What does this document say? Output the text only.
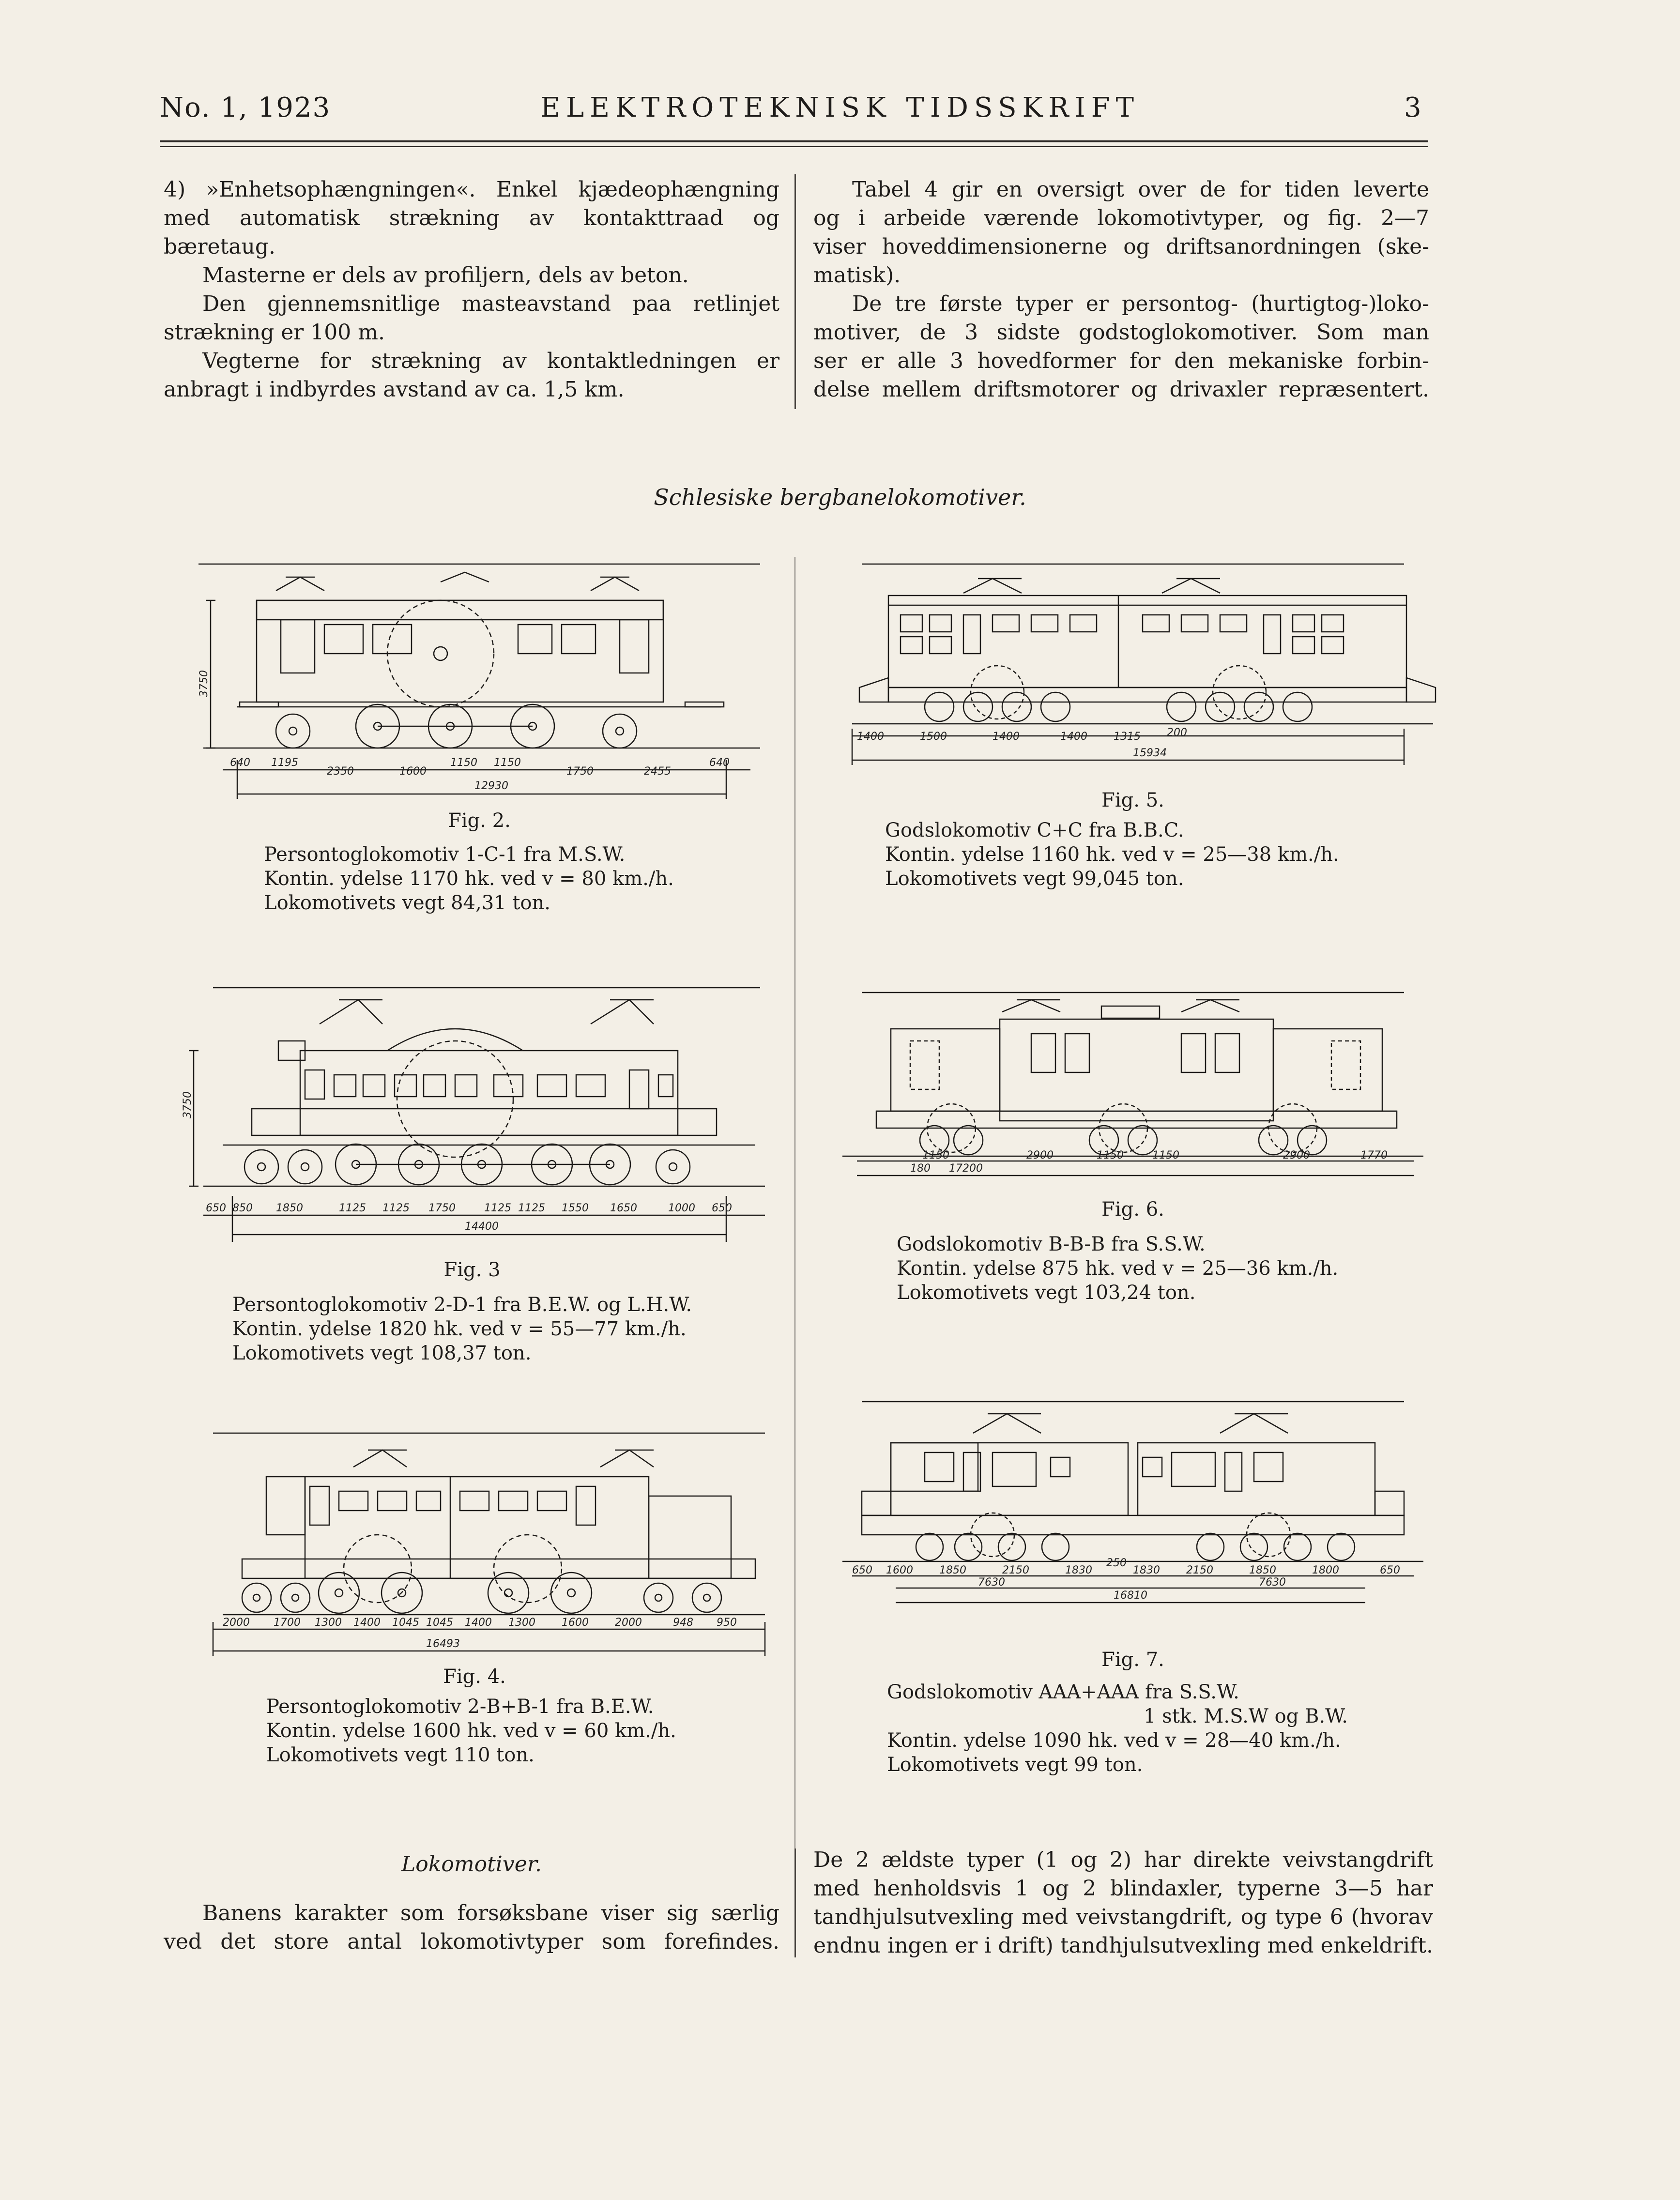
No. 1, 1923	ELEKTROTEKNISK TIDSSKRIFT	3
4) »Enhetsophængningen«. Enkel kjædeophængning
med automatisk strækning av kontakttraad og
bæretaug.
Masterne er dels av profiljern, dels av beton.
Den gjennemsnitlige masteavstand paa retlinjet
strækning er 100 m.
Vegterne for strækning av kontaktledningen er
anbragt i indbyrdes avstand av ca. 1,5 km.
Tabel 4 gir en oversigt over de for tiden leverte
og i arbeide værende lokomotivtyper, og fig. 2—7
viser hoveddimensionerne og driftsanordningen (ske-
matisk).
De tre første typer er persontog- (hurtigtog-)loko-
motiver, de 3 sidste godstoglokomotiver. Som man
ser er alle 3 hovedformer for den mekaniske forbin-
delse mellem driftsmotorer og drivaxler repræsentert.
Schlesiske bergbanelokomotiver.
3750
640 1195
2350	1600
1150 1150
1750	2455
640
12930
Fig. 2.
Persontoglokomotiv 1-C-1 fra M.S.W.
Kontin. ydelse 1170 hk. ved v = 80 km./h.
Lokomotivets vegt 84,31 ton.
3750
650 850 1850	1125 1125 1750	1125 1125 1550 1650	1000 650
14400
Fig. 3
Persontoglokomotiv 2-D-1 fra B.E.W. og L.H.W.
Kontin. ydelse 1820 hk. ved v = 55—77 km./h.
Lokomotivets vegt 108,37 ton.
2000 1700 1300 1400 1045 1045 1400 1300 1600 2000	948 950
16493
Fig. 4.
Persontoglokomotiv 2-B+B-1 fra B.E.W.
Kontin. ydelse 1600 hk. ved v = 60 km./h.
Lokomotivets vegt 110 ton.
1400	1500	1400	1400 1315 200
15934
Fig. 5.
Godslokomotiv C+C fra B.B.C.
Kontin. ydelse 1160 hk. ved v = 25—38 km./h.
Lokomotivets vegt 99,045 ton.
1150	2900	1150	1150	2900	1770
180 17200
Fig. 6.
Godslokomotiv B-B-B fra S.S.W.
Kontin. ydelse 875 hk. ved v = 25—36 km./h.
Lokomotivets vegt 103,24 ton.
650 1600 1850	2150	1830
250
1830 2150	1850	1800	650
7630	7630
16810
Fig. 7.
Godslokomotiv AAA+AAA fra S.S.W.
1 stk. M.S.W og B.W.
Kontin. ydelse 1090 hk. ved v = 28—40 km./h.
Lokomotivets vegt 99 ton.
Lokomotiver.
Banens karakter som forsøksbane viser sig særlig
ved det store antal lokomotivtyper som forefindes.
De 2 ældste typer (1 og 2) har direkte veivstangdrift
med henholdsvis 1 og 2 blindaxler, typerne 3—5 har
tandhjulsutvexling med veivstangdrift, og type 6 (hvorav
endnu ingen er i drift) tandhjulsutvexling med enkeldrift.
